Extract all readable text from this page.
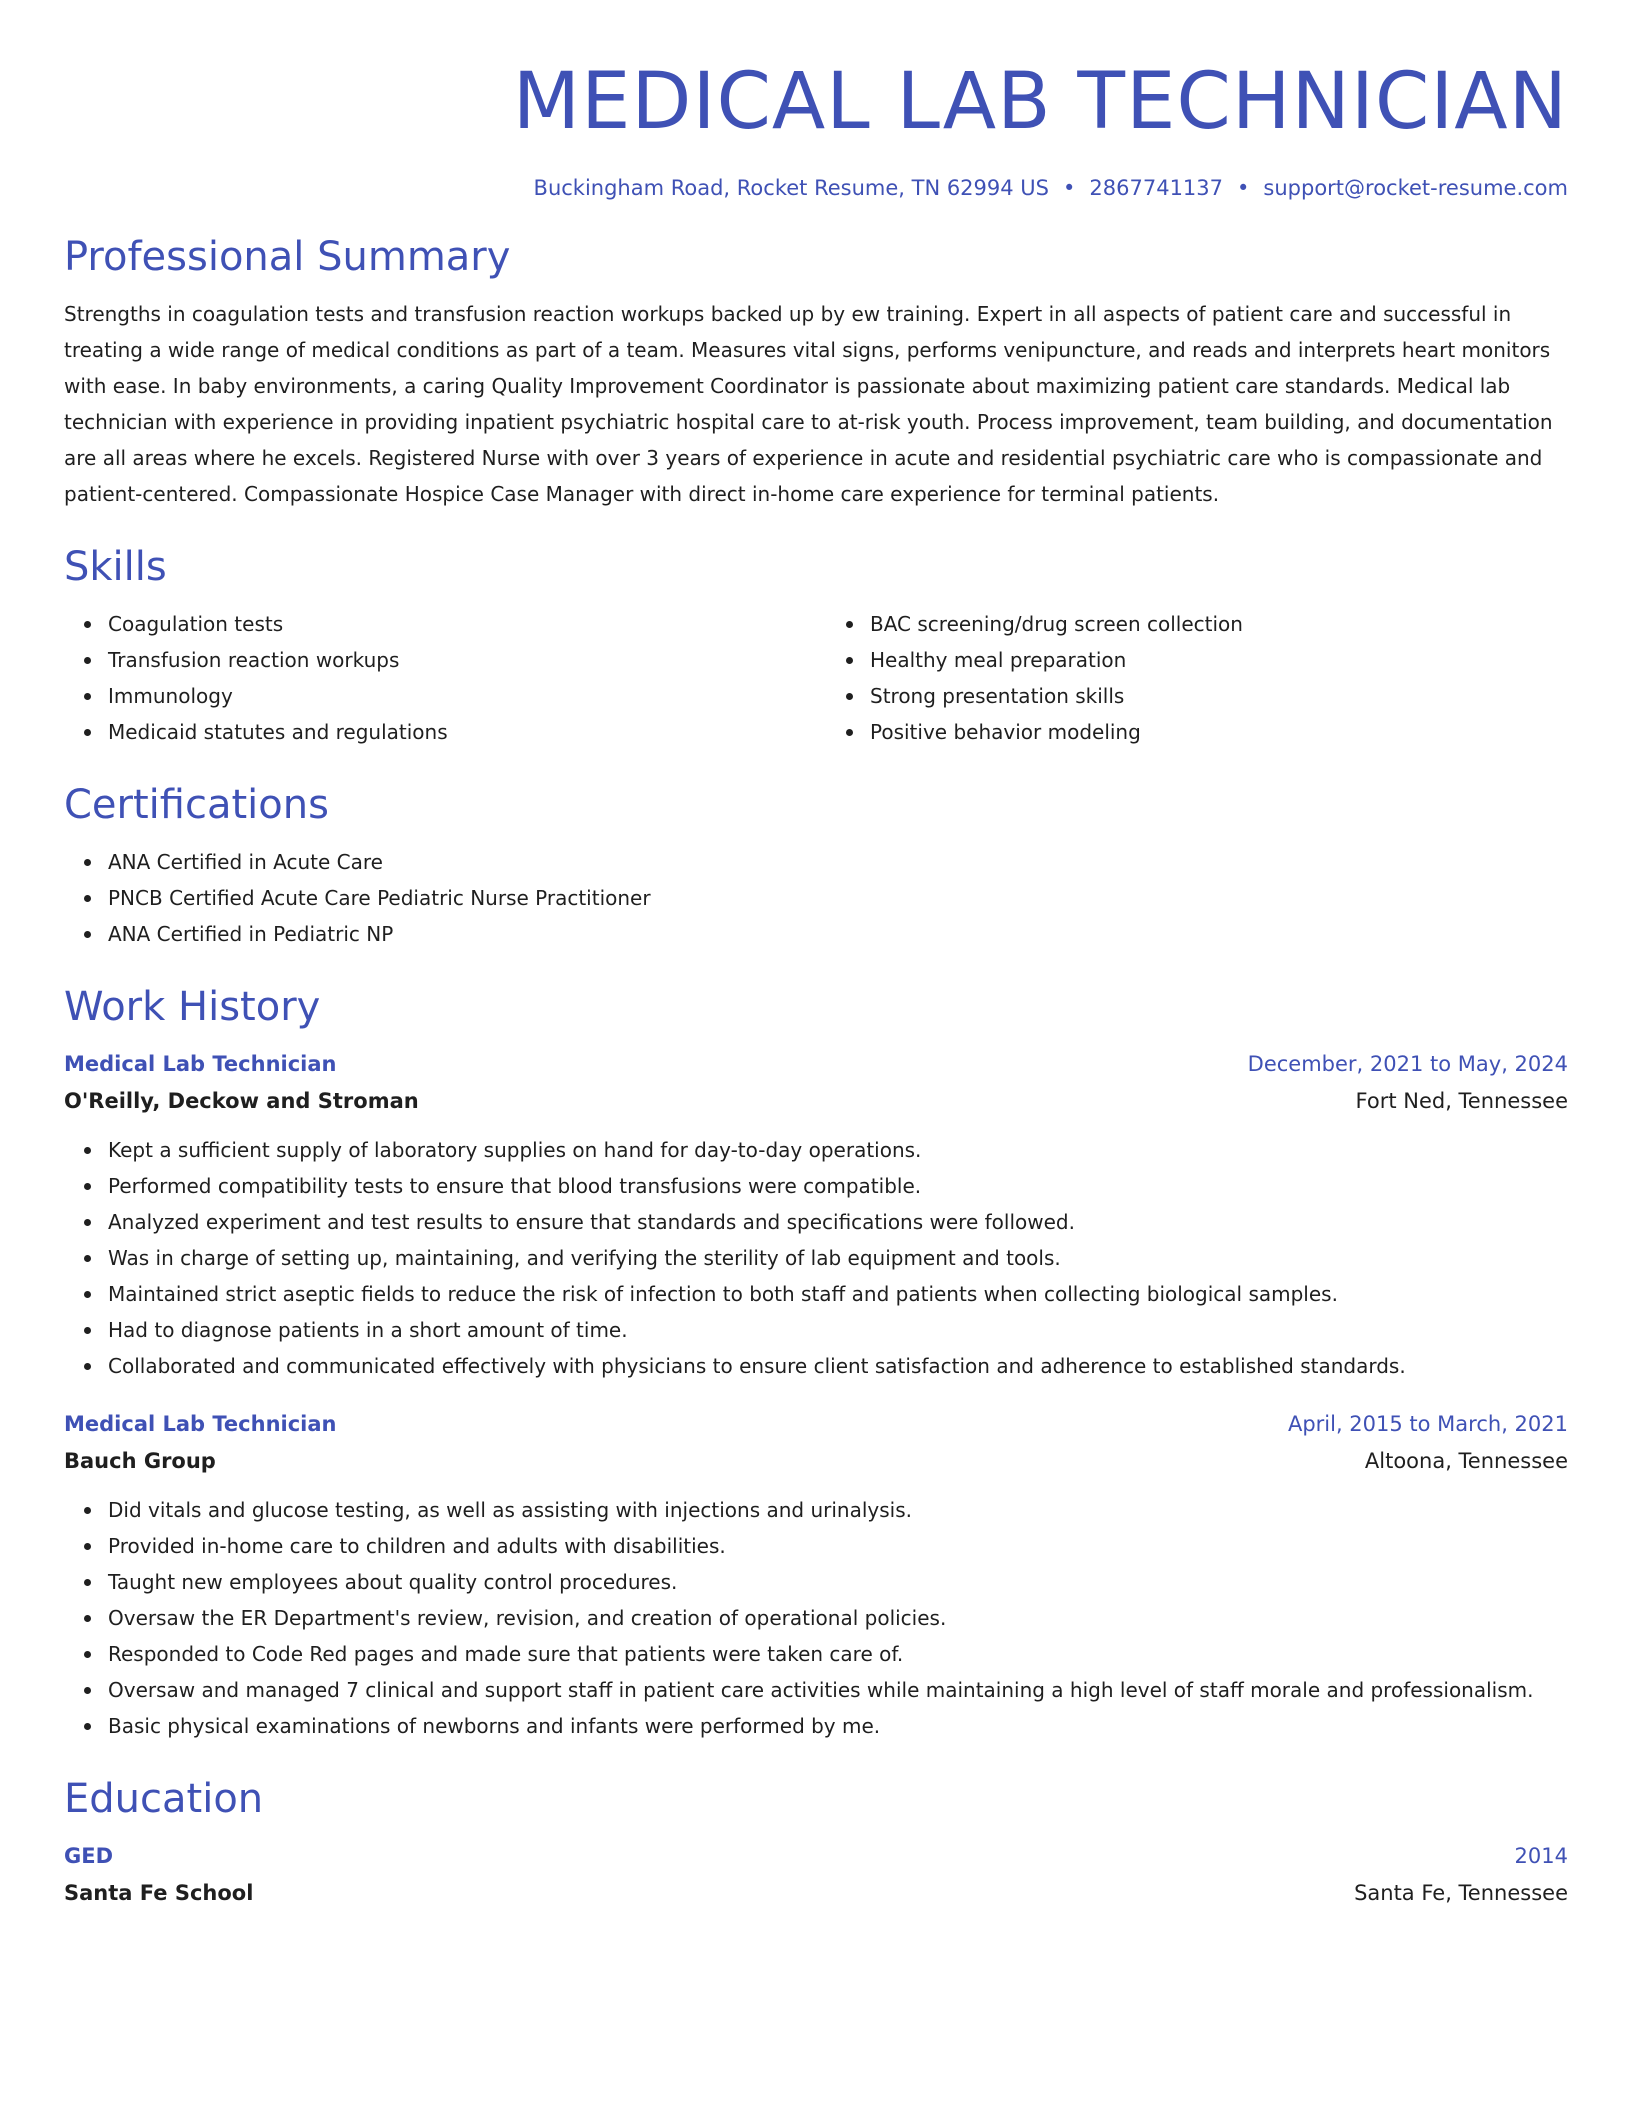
MEDICAL LAB TECHNICIAN
Buckingham Road, Rocket Resume, TN 62994 US • 2867741137 • support@rocket-resume.com
Professional Summary

Strengths in coagulation tests and transfusion reaction workups backed up by ew training. Expert in all aspects of patient care and successful in treating a wide range of medical conditions as part of a team. Measures vital signs, performs venipuncture, and reads and interprets heart monitors with ease. In baby environments, a caring Quality Improvement Coordinator is passionate about maximizing patient care standards. Medical lab technician with experience in providing inpatient psychiatric hospital care to at-risk youth. Process improvement, team building, and documentation are all areas where he excels. Registered Nurse with over 3 years of experience in acute and residential psychiatric care who is compassionate and patient-centered. Compassionate Hospice Case Manager with direct in-home care experience for terminal patients.

Skills
Coagulation tests
Transfusion reaction workups
Immunology
Medicaid statutes and regulations
BAC screening/drug screen collection
Healthy meal preparation
Strong presentation skills
Positive behavior modeling
Certifications
ANA Certified in Acute Care
PNCB Certified Acute Care Pediatric Nurse Practitioner
ANA Certified in Pediatric NP
Work History
Medical Lab Technician	December, 2021 to May, 2024
O'Reilly, Deckow and Stroman	Fort Ned, Tennessee
Kept a sufficient supply of laboratory supplies on hand for day-to-day operations.
Performed compatibility tests to ensure that blood transfusions were compatible.
Analyzed experiment and test results to ensure that standards and specifications were followed.
Was in charge of setting up, maintaining, and verifying the sterility of lab equipment and tools.
Maintained strict aseptic fields to reduce the risk of infection to both staff and patients when collecting biological samples.
Had to diagnose patients in a short amount of time.
Collaborated and communicated effectively with physicians to ensure client satisfaction and adherence to established standards.
Medical Lab Technician	April, 2015 to March, 2021
Bauch Group	Altoona, Tennessee
Did vitals and glucose testing, as well as assisting with injections and urinalysis.
Provided in-home care to children and adults with disabilities.
Taught new employees about quality control procedures.
Oversaw the ER Department's review, revision, and creation of operational policies.
Responded to Code Red pages and made sure that patients were taken care of.
Oversaw and managed 7 clinical and support staff in patient care activities while maintaining a high level of staff morale and professionalism.
Basic physical examinations of newborns and infants were performed by me.
Education
GED	2014
Santa Fe School	Santa Fe, Tennessee
